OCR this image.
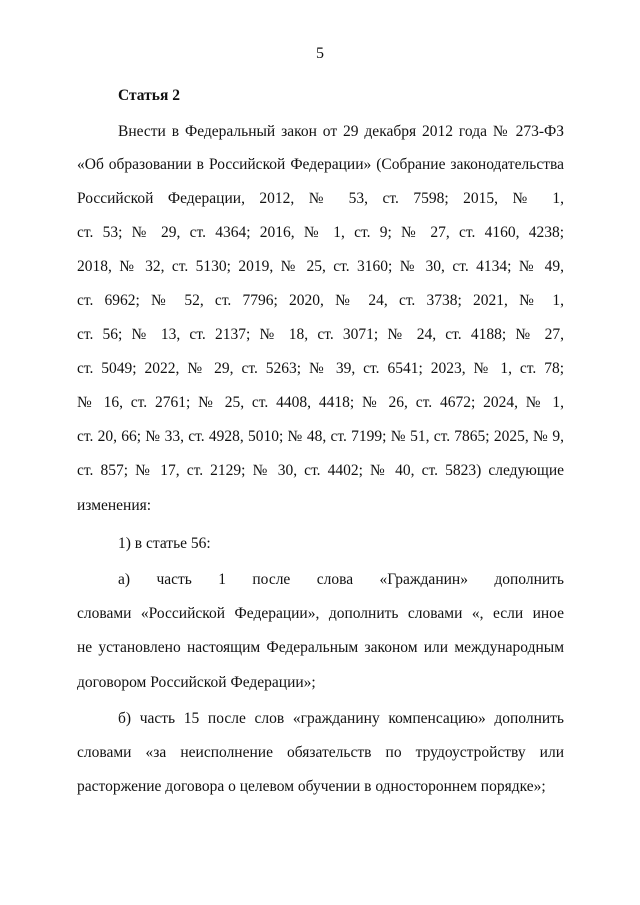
5
Статья 2
Внести в Федеральный закон от 29 декабря 2012 года № 273-ФЗ
«Об образовании в Российской Федерации» (Собрание законодательства
Российской Федерации, 2012, № 53, ст. 7598; 2015, № 1,
ст. 53; № 29, ст. 4364; 2016, № 1, ст. 9; № 27, ст. 4160, 4238;
2018, № 32, ст. 5130; 2019, № 25, ст. 3160; № 30, ст. 4134; № 49,
ст. 6962; № 52, ст. 7796; 2020, № 24, ст. 3738; 2021, № 1,
ст. 56; № 13, ст. 2137; № 18, ст. 3071; № 24, ст. 4188; № 27,
ст. 5049; 2022, № 29, ст. 5263; № 39, ст. 6541; 2023, № 1, ст. 78;
№ 16, ст. 2761; № 25, ст. 4408, 4418; № 26, ст. 4672; 2024, № 1,
ст. 20, 66; № 33, ст. 4928, 5010; № 48, ст. 7199; № 51, ст. 7865; 2025, № 9,
ст. 857; № 17, ст. 2129; № 30, ст. 4402; № 40, ст. 5823) следующие
изменения:
1) в статье 56:
а) часть 1 после слова «Гражданин» дополнить
словами «Российской Федерации», дополнить словами «, если иное
не установлено настоящим Федеральным законом или международным
договором Российской Федерации»;
б) часть 15 после слов «гражданину компенсацию» дополнить
словами «за неисполнение обязательств по трудоустройству или
расторжение договора о целевом обучении в одностороннем порядке»;
